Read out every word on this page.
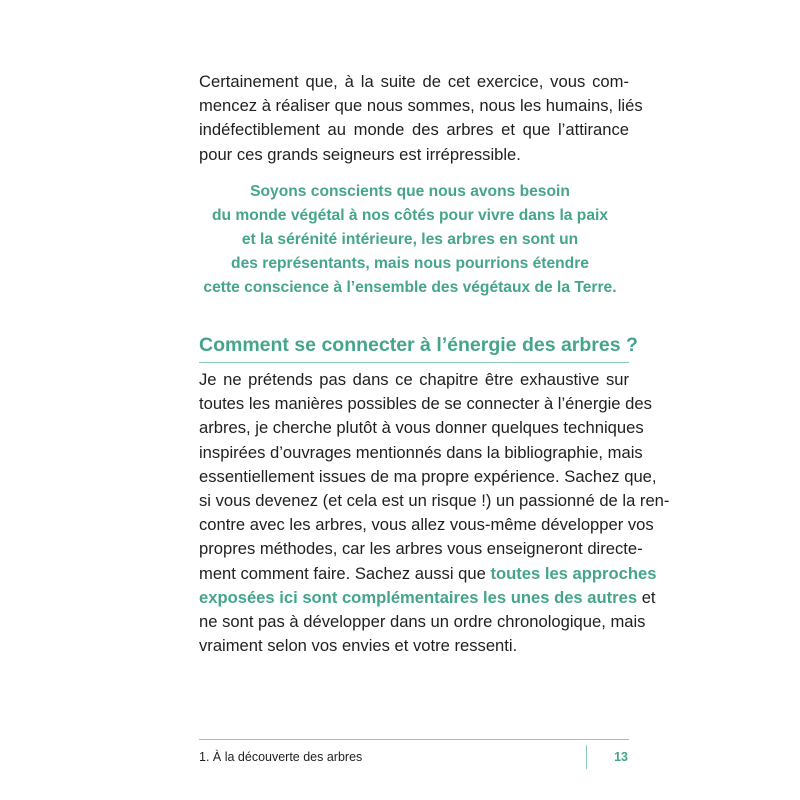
Certainement que, à la suite de cet exercice, vous com-
mencez à réaliser que nous sommes, nous les humains, liés
indéfectiblement au monde des arbres et que l’attirance
pour ces grands seigneurs est irrépressible.

Soyons conscients que nous avons besoin
du monde végétal à nos côtés pour vivre dans la paix
et la sérénité intérieure, les arbres en sont un
des représentants, mais nous pourrions étendre
cette conscience à l’ensemble des végétaux de la Terre.

Comment se connecter à l’énergie des arbres ?

Je ne prétends pas dans ce chapitre être exhaustive sur
toutes les manières possibles de se connecter à l’énergie des
arbres, je cherche plutôt à vous donner quelques techniques
inspirées d’ouvrages mentionnés dans la bibliographie, mais
essentiellement issues de ma propre expérience. Sachez que,
si vous devenez (et cela est un risque !) un passionné de la ren-
contre avec les arbres, vous allez vous-même développer vos
propres méthodes, car les arbres vous enseigneront directe-
ment comment faire. Sachez aussi que toutes les approches
exposées ici sont complémentaires les unes des autres et
ne sont pas à développer dans un ordre chronologique, mais
vraiment selon vos envies et votre ressenti.

1. À la découverte des arbres	13
